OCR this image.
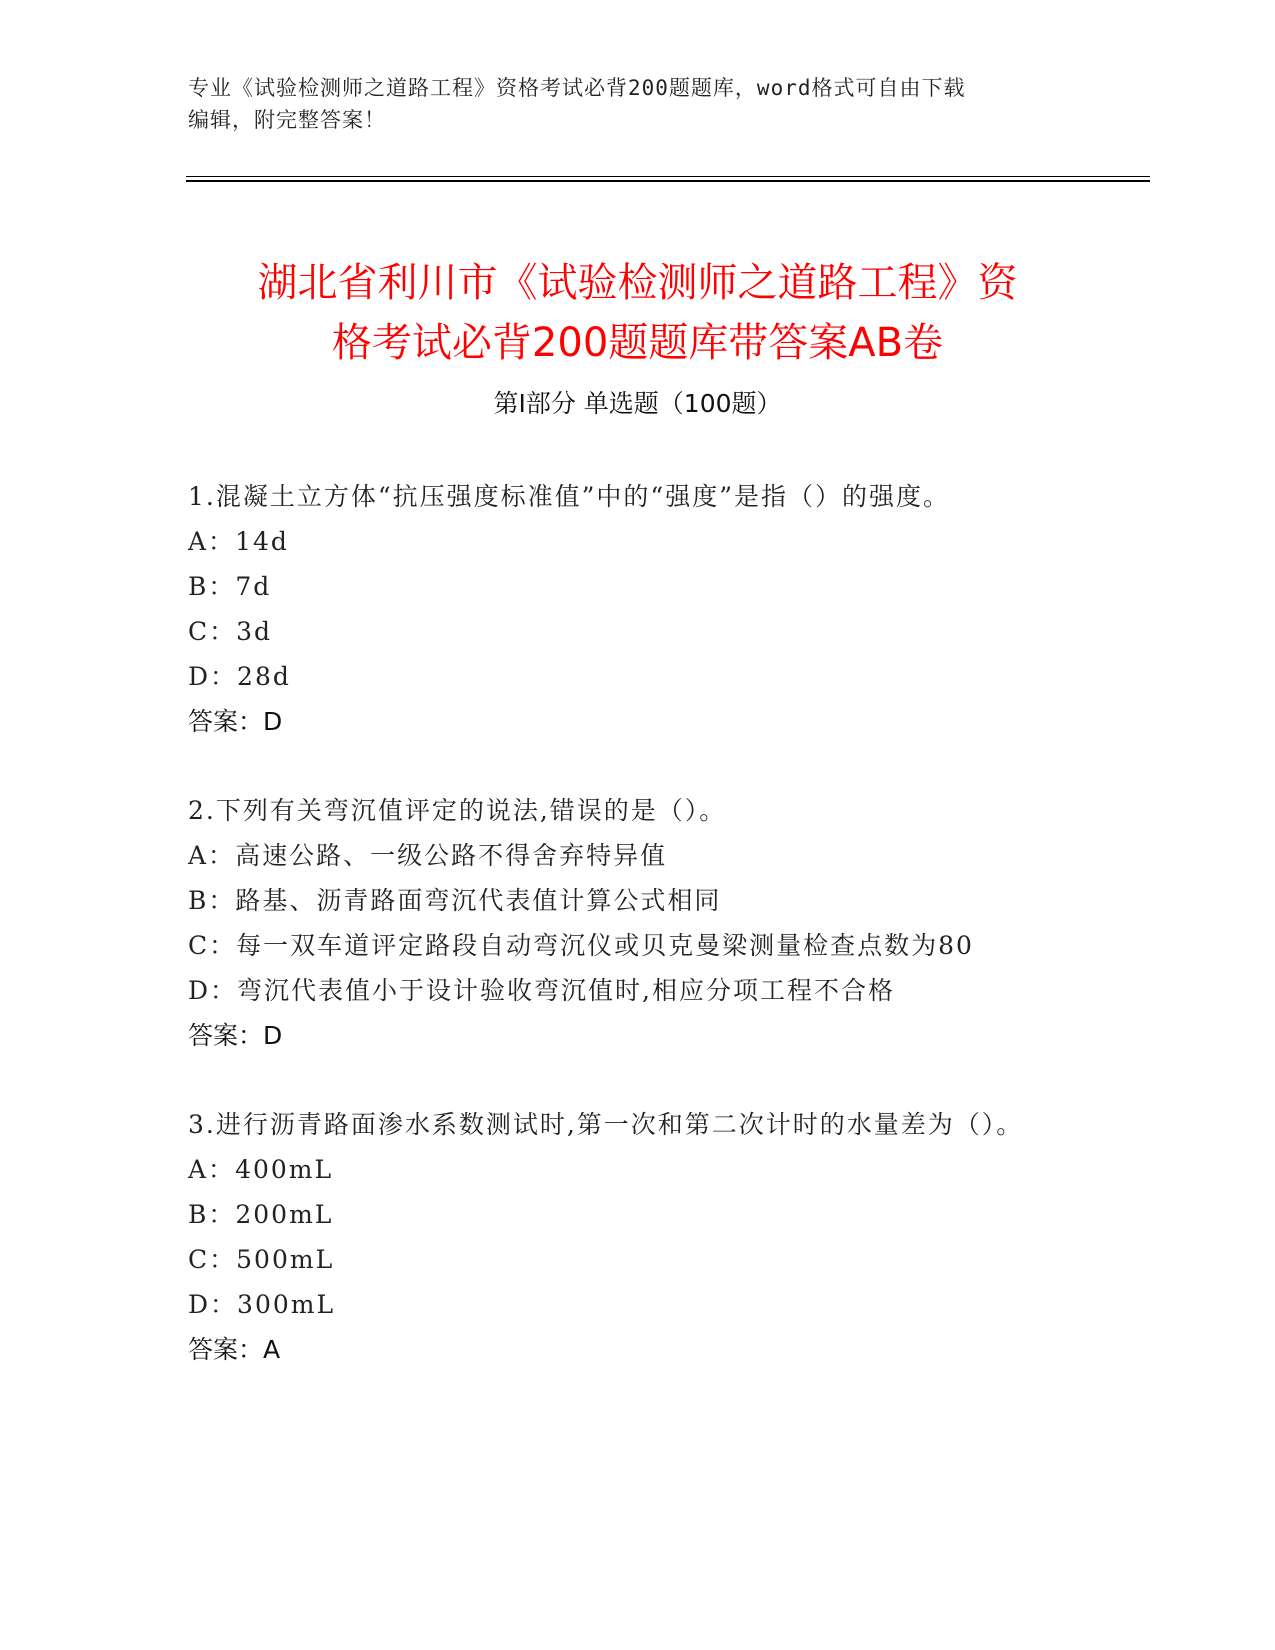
专业《试验检测师之道路工程》资格考试必背200题题库，word格式可自由下载
编辑，附完整答案！
湖北省利川市《试验检测师之道路工程》资
格考试必背200题题库带答案AB卷
第Ⅰ部分 单选题（100题）

1.混凝土立方体“抗压强度标准值”中的“强度”是指（）的强度。

A：14d

B：7d

C：3d

D：28d

答案：D

2.下列有关弯沉值评定的说法,错误的是（）。

A：高速公路、一级公路不得舍弃特异值

B：路基、沥青路面弯沉代表值计算公式相同

C：每一双车道评定路段自动弯沉仪或贝克曼梁测量检查点数为80

D：弯沉代表值小于设计验收弯沉值时,相应分项工程不合格

答案：D

3.进行沥青路面渗水系数测试时,第一次和第二次计时的水量差为（）。

A：400mL

B：200mL

C：500mL

D：300mL

答案：A
